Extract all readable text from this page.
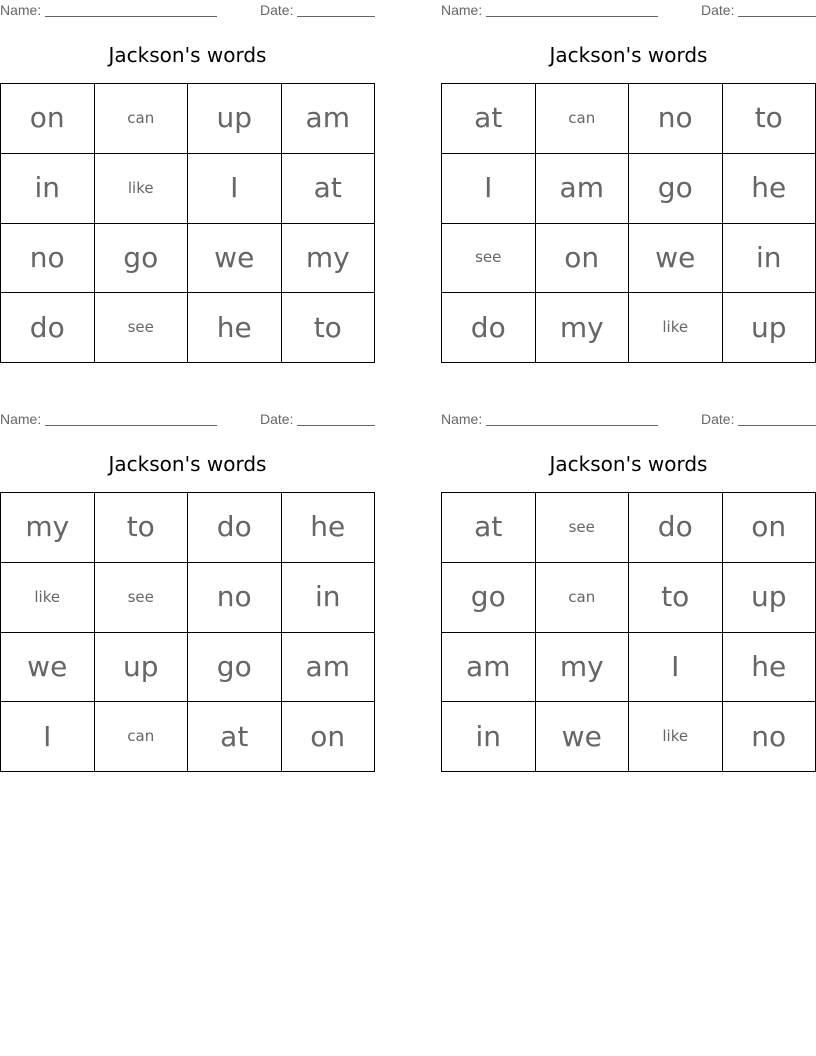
Name:	Date:
Jackson's words
on	can	up	am
in	like	I	at
no	go	we	my
do	see	he	to
Name:	Date:
Jackson's words
at	can	no	to
I	am	go	he
see	on	we	in
do	my	like	up
Name:	Date:
Jackson's words
my	to	do	he
like	see	no	in
we	up	go	am
I	can	at	on
Name:	Date:
Jackson's words
at	see	do	on
go	can	to	up
am	my	I	he
in	we	like	no
